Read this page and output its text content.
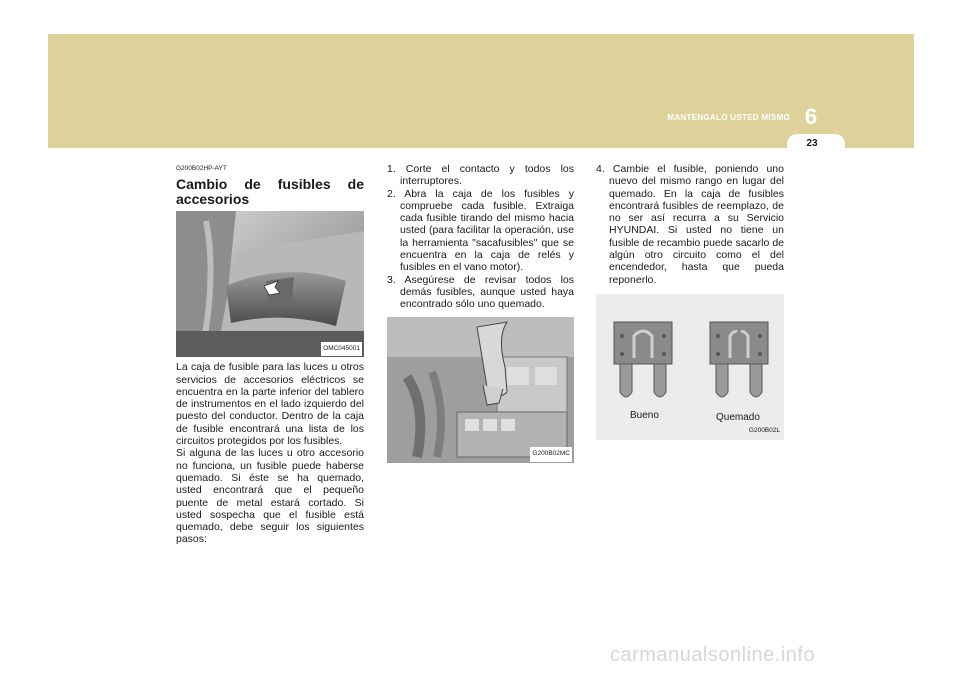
MANTENGALO USTED MISMO 6
23
G200B02HP-AYT
Cambio de fusibles de accesorios
OMC045001
La caja de fusible para las luces u otros servicios de accesorios eléctricos se encuentra en la parte inferior del tablero de instrumentos en el lado izquierdo del puesto del conductor. Dentro de la caja de fusible encontrará una lista de los circuitos protegidos por los fusibles.
Si alguna de las luces u otro accesorio no funciona, un fusible puede haberse quemado. Si éste se ha quemado, usted encontrará que el pequeño puente de metal estará cortado. Si usted sospecha que el fusible está quemado, debe seguir los siguientes pasos:
1. Corte el contacto y todos los interruptores.
2. Abra la caja de los fusibles y compruebe cada fusible. Extraiga cada fusible tirando del mismo hacia usted (para facilitar la operación, use la herramienta "sacafusibles" que se encuentra en la caja de relés y fusibles en el vano motor).
3. Asegúrese de revisar todos los demás fusibles, aunque usted haya encontrado sólo uno quemado.
G200B02MC
4. Cambie el fusible, poniendo uno nuevo del mismo rango en lugar del quemado. En la caja de fusibles encontrará fusibles de reemplazo, de no ser así recurra a su Servicio HYUNDAI. Si usted no tiene un fusible de recambio puede sacarlo de algún otro circuito como el del encendedor, hasta que pueda reponerlo.
Bueno	Quemado
G200B02L
carmanualsonline.info
